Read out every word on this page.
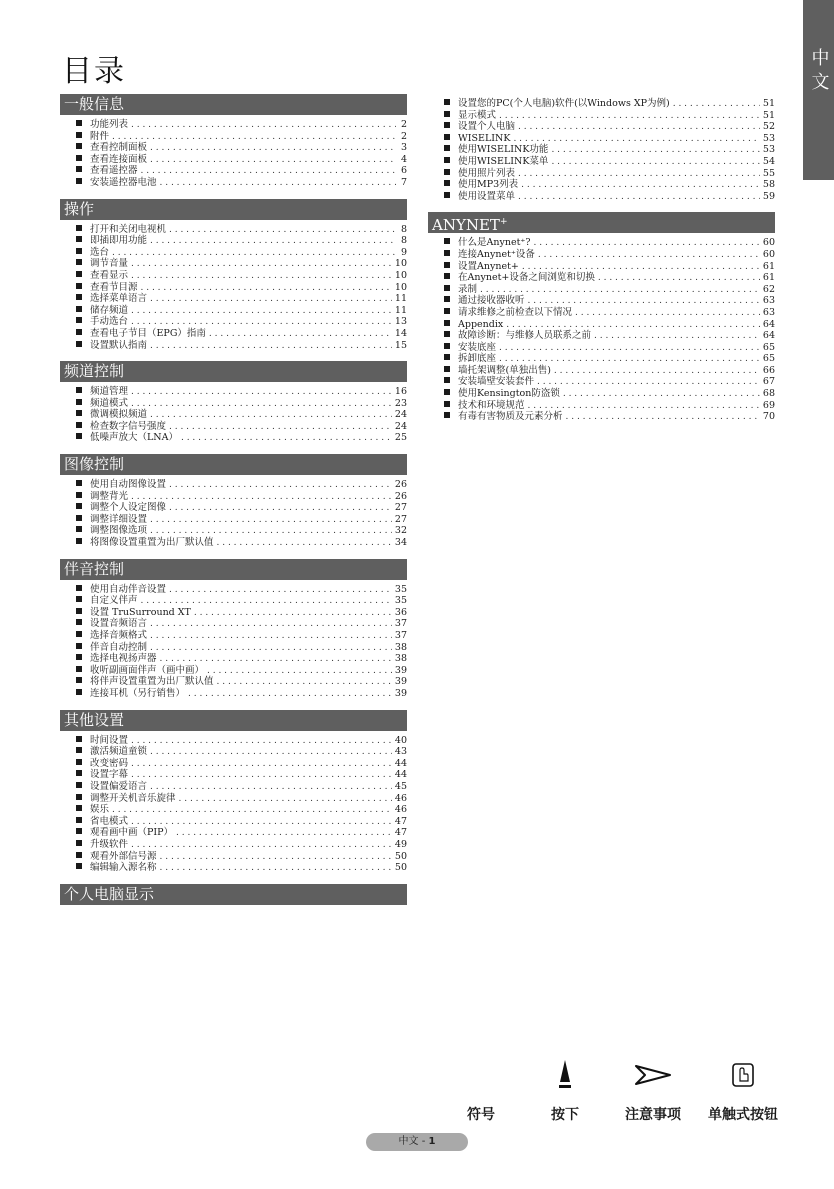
目录	中文
一般信息
功能列表 . . .	2
附件 . . .	2
查看控制面板 . . .	3
查看连接面板 . . .	4
查看遥控器 . . .	6
安装遥控器电池 . . .	7
操作
打开和关闭电视机 . . .	8
即插即用功能 . . .	8
选台 . . .	9
调节音量 . . .	10
查看显示 . . .	10
查看节目源 . . .	10
选择菜单语言 . . .	11
储存频道 . . .	11
手动选台 . . .	13
查看电子节目（EPG）指南 . . .	14
设置默认指南 . . .	15
频道控制
频道管理 . . .	16
频道模式 . . .	23
微调模拟频道 . . .	24
检查数字信号强度 . . .	24
低噪声放大（LNA） . . .	25
图像控制
使用自动图像设置 . . .	26
调整背光 . . .	26
调整个人设定图像 . . .	27
调整详细设置 . . .	27
调整图像选项 . . .	32
将图像设置重置为出厂默认值 . . .	34
伴音控制
使用自动伴音设置 . . .	35
自定义伴声 . . .	35
设置 TruSurround XT . . .	36
设置音频语言 . . .	37
选择音频格式 . . .	37
伴音自动控制 . . .	38
选择电视扬声器 . . .	38
收听副画面伴声（画中画） . . .	39
将伴声设置重置为出厂默认值 . . .	39
连接耳机（另行销售） . . .	39
其他设置
时间设置 . . .	40
激活频道童锁 . . .	43
改变密码 . . .	44
设置字幕 . . .	44
设置偏爱语言 . . .	45
调整开关机音乐旋律 . . .	46
娱乐 . . .	46
省电模式 . . .	47
观看画中画（PIP） . . .	47
升级软件 . . .	49
观看外部信号源 . . .	50
编辑输入源名称 . . .	50
个人电脑显示
设置您的PC(个人电脑)软件(以Windows XP为例) . . .	51
显示模式 . . .	51
设置个人电脑 . . .	52
WISELINK . . .	53
使用WISELINK功能 . . .	53
使用WISELINK菜单 . . .	54
使用照片列表 . . .	55
使用MP3列表 . . .	58
使用设置菜单 . . .	59
ANYNET+
什么是Anynet⁺? . . .	60
连接Anynet⁺设备 . . .	60
设置Anynet+ . . .	61
在Anynet+设备之间浏览和切换 . . .	61
录制 . . .	62
通过接收器收听 . . .	63
请求维修之前检查以下情况 . . .	63
Appendix . . .	64
故障诊断：与维修人员联系之前 . . .	64
安装底座 . . .	65
拆卸底座 . . .	65
墙托架调整(单独出售) . . .	66
安装墙壁安装套件 . . .	67
使用Kensington防盗锁 . . .	68
技术和环境规范 . . .	69
有毒有害物质及元素分析 . . .	70
符号	按下	注意事项	单触式按钮
中文 - 1
